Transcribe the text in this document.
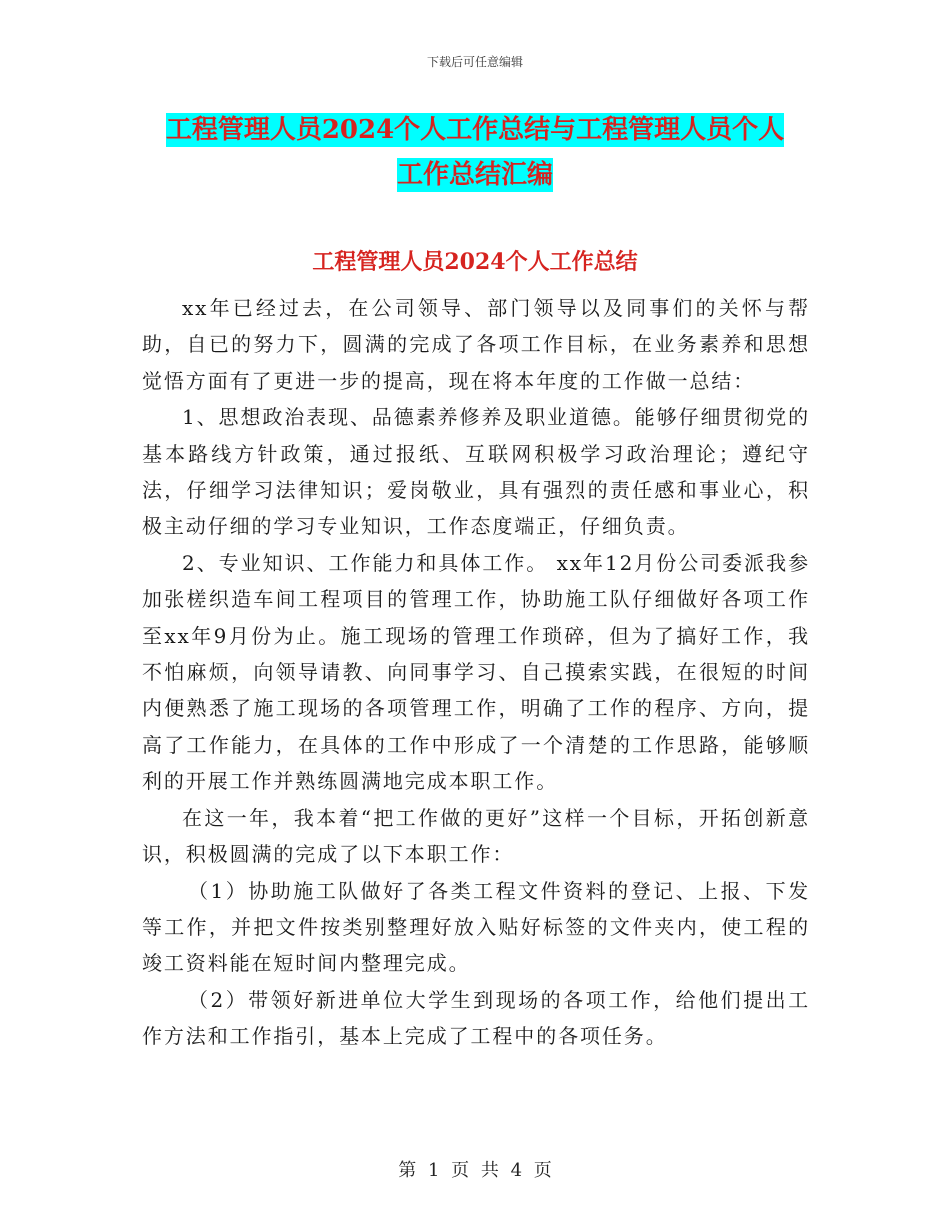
下载后可任意编辑
工程管理人员2024个人工作总结与工程管理人员个人
工作总结汇编
工程管理人员2024个人工作总结

xx年已经过去，在公司领导、部门领导以及同事们的关怀与帮助，自已的努力下，圆满的完成了各项工作目标，在业务素养和思想觉悟方面有了更进一步的提高，现在将本年度的工作做一总结：

1、思想政治表现、品德素养修养及职业道德。能够仔细贯彻党的基本路线方针政策，通过报纸、互联网积极学习政治理论；遵纪守法，仔细学习法律知识；爱岗敬业，具有强烈的责任感和事业心，积极主动仔细的学习专业知识，工作态度端正，仔细负责。

2、专业知识、工作能力和具体工作。 xx年12月份公司委派我参加张槎织造车间工程项目的管理工作，协助施工队仔细做好各项工作至xx年9月份为止。施工现场的管理工作琐碎，但为了搞好工作，我不怕麻烦，向领导请教、向同事学习、自己摸索实践，在很短的时间内便熟悉了施工现场的各项管理工作，明确了工作的程序、方向，提高了工作能力，在具体的工作中形成了一个清楚的工作思路，能够顺利的开展工作并熟练圆满地完成本职工作。

在这一年，我本着“把工作做的更好”这样一个目标，开拓创新意识，积极圆满的完成了以下本职工作：

（1）协助施工队做好了各类工程文件资料的登记、上报、下发等工作，并把文件按类别整理好放入贴好标签的文件夹内，使工程的竣工资料能在短时间内整理完成。

（2）带领好新进单位大学生到现场的各项工作，给他们提出工作方法和工作指引，基本上完成了工程中的各项任务。

第 1 页 共 4 页
